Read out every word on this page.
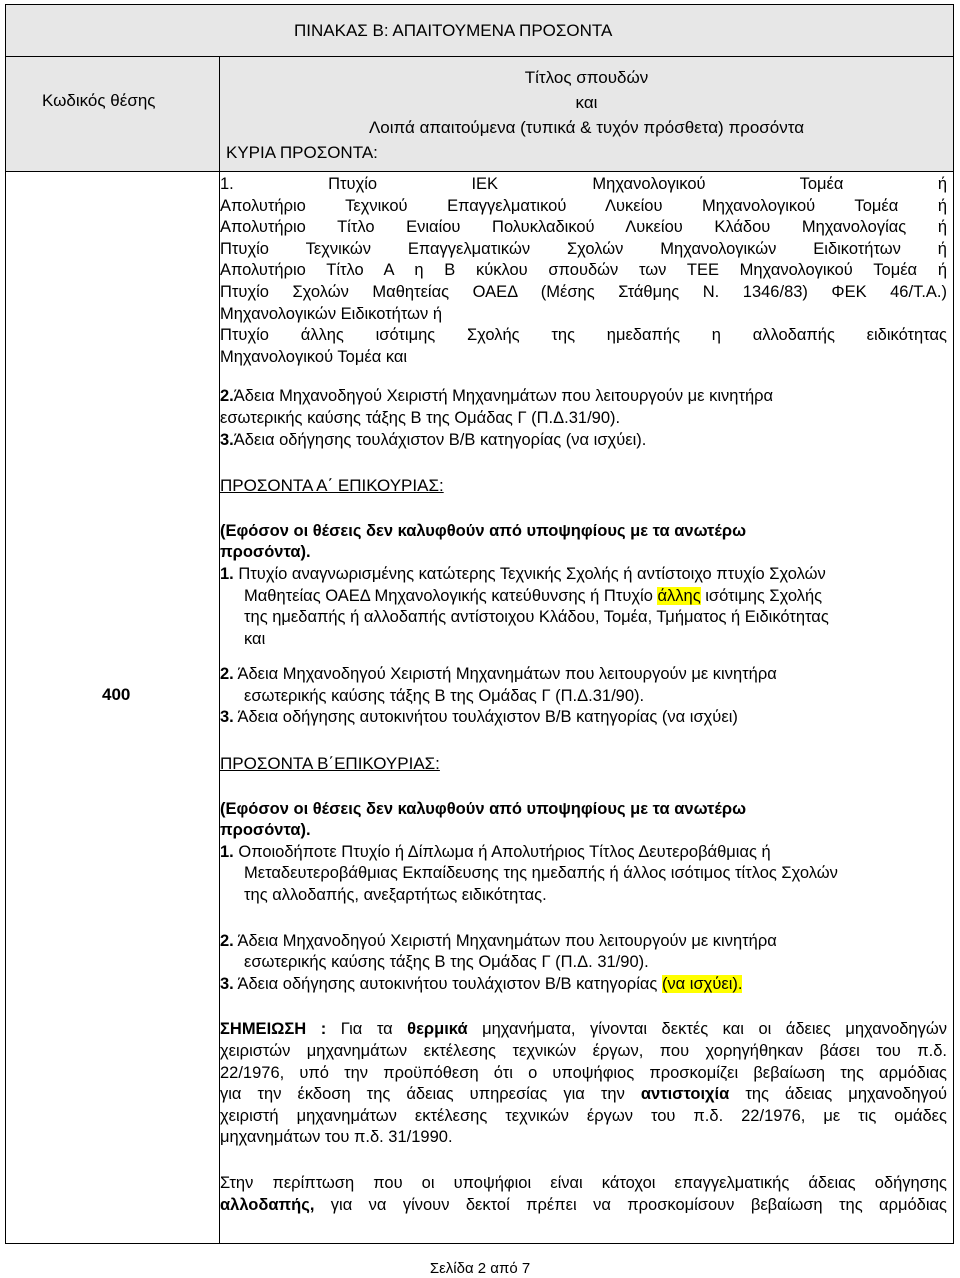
ΠΙΝΑΚΑΣ Β: ΑΠΑΙΤΟΥΜΕΝΑ ΠΡΟΣΟΝΤΑ
Κωδικός θέσης
Τίτλος σπουδών
και
Λοιπά απαιτούμενα (τυπικά & τυχόν πρόσθετα) προσόντα
ΚΥΡΙΑ ΠΡΟΣΟΝΤΑ:
400

1. Πτυχίο ΙΕΚ Μηχανολογικού Τομέα ή

Απολυτήριο Τεχνικού Επαγγελματικού Λυκείου Μηχανολογικού Τομέα ή

Απολυτήριο Τίτλο Ενιαίου Πολυκλαδικού Λυκείου Κλάδου Μηχανολογίας ή

Πτυχίο Τεχνικών Επαγγελματικών Σχολών Μηχανολογικών Ειδικοτήτων ή

Απολυτήριο Τίτλο Α η Β κύκλου σπουδών των ΤΕΕ Μηχανολογικού Τομέα ή

Πτυχίο Σχολών Μαθητείας ΟΑΕΔ (Μέσης Στάθμης Ν. 1346/83) ΦΕΚ 46/Τ.Α.)

Μηχανολογικών Ειδικοτήτων ή

Πτυχίο άλλης ισότιμης Σχολής της ημεδαπής η αλλοδαπής ειδικότητας

Μηχανολογικού Τομέα και

2.Άδεια Μηχανοδηγού Χειριστή Μηχανημάτων που λειτουργούν με κινητήρα

εσωτερικής καύσης τάξης Β της Ομάδας Γ (Π.Δ.31/90).

3.Άδεια οδήγησης τουλάχιστον Β/Β κατηγορίας (να ισχύει).

ΠΡΟΣΟΝΤΑ Α΄ ΕΠΙΚΟΥΡΙΑΣ:

(Εφόσον οι θέσεις δεν καλυφθούν από υποψηφίους με τα ανωτέρω

προσόντα).

1. Πτυχίο αναγνωρισμένης κατώτερης Τεχνικής Σχολής ή αντίστοιχο πτυχίο Σχολών

Μαθητείας ΟΑΕΔ Μηχανολογικής κατεύθυνσης ή Πτυχίο άλλης ισότιμης Σχολής

της ημεδαπής ή αλλοδαπής αντίστοιχου Κλάδου, Τομέα, Τμήματος ή Ειδικότητας

και

2. Άδεια Μηχανοδηγού Χειριστή Μηχανημάτων που λειτουργούν με κινητήρα

εσωτερικής καύσης τάξης Β της Ομάδας Γ (Π.Δ.31/90).

3. Άδεια οδήγησης αυτοκινήτου τουλάχιστον Β/Β κατηγορίας (να ισχύει)

ΠΡΟΣΟΝΤΑ Β΄ΕΠΙΚΟΥΡΙΑΣ:

(Εφόσον οι θέσεις δεν καλυφθούν από υποψηφίους με τα ανωτέρω

προσόντα).

1. Οποιοδήποτε Πτυχίο ή Δίπλωμα ή Απολυτήριος Τίτλος Δευτεροβάθμιας ή

Μεταδευτεροβάθμιας Εκπαίδευσης της ημεδαπής ή άλλος ισότιμος τίτλος Σχολών

της αλλοδαπής, ανεξαρτήτως ειδικότητας.

2. Άδεια Μηχανοδηγού Χειριστή Μηχανημάτων που λειτουργούν με κινητήρα

εσωτερικής καύσης τάξης Β της Ομάδας Γ (Π.Δ. 31/90).

3. Άδεια οδήγησης αυτοκινήτου τουλάχιστον Β/Β κατηγορίας (να ισχύει).

ΣΗΜΕΙΩΣΗ : Για τα θερμικά μηχανήματα, γίνονται δεκτές και οι άδειες μηχανοδηγών

χειριστών μηχανημάτων εκτέλεσης τεχνικών έργων, που χορηγήθηκαν βάσει του π.δ.

22/1976, υπό την προϋπόθεση ότι ο υποψήφιος προσκομίζει βεβαίωση της αρμόδιας

για την έκδοση της άδειας υπηρεσίας για την αντιστοιχία της άδειας μηχανοδηγού

χειριστή μηχανημάτων εκτέλεσης τεχνικών έργων του π.δ. 22/1976, με τις ομάδες

μηχανημάτων του π.δ. 31/1990.

Στην περίπτωση που οι υποψήφιοι είναι κάτοχοι επαγγελματικής άδειας οδήγησης

αλλοδαπής, για να γίνουν δεκτοί πρέπει να προσκομίσουν βεβαίωση της αρμόδιας

Σελίδα 2 από 7
